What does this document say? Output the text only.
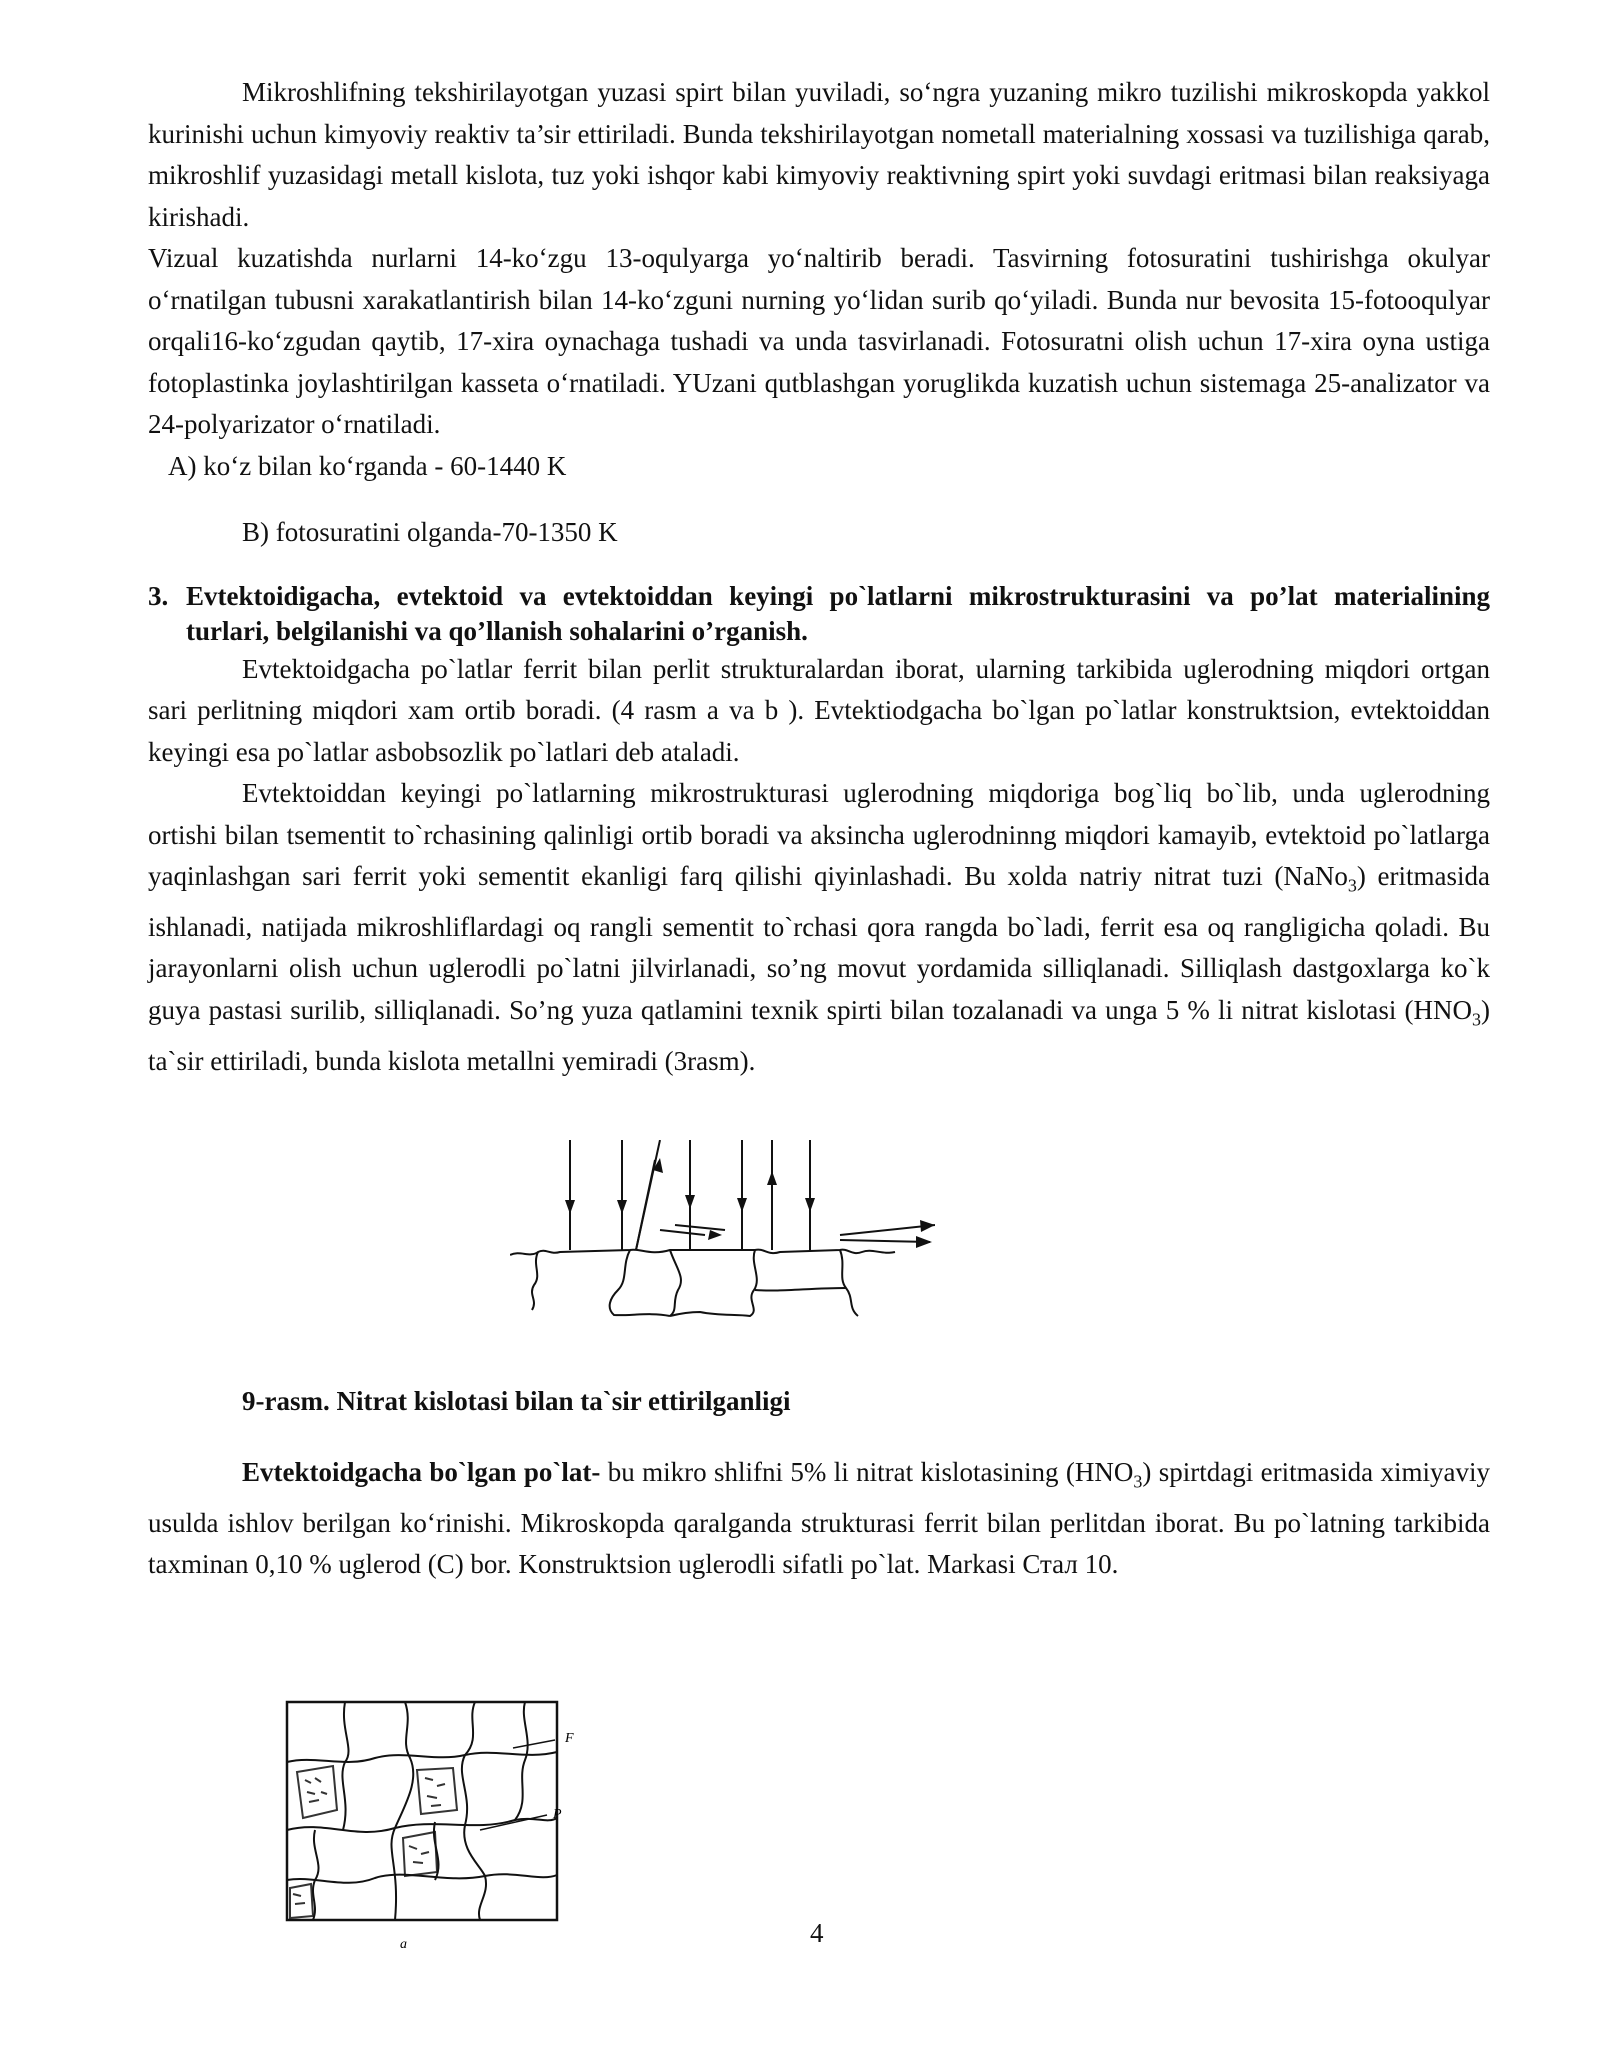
Mikroshlifning tekshirilayotgan yuzasi spirt bilan yuviladi, so‘ngra yuzaning mikro tuzilishi mikroskopda yakkol kurinishi uchun kimyoviy reaktiv ta’sir ettiriladi. Bunda tekshirilayotgan nometall materialning xossasi va tuzilishiga qarab, mikroshlif yuzasidagi metall kislota, tuz yoki ishqor kabi kimyoviy reaktivning spirt yoki suvdagi eritmasi bilan reaksiyaga kirishadi.

Vizual kuzatishda nurlarni 14-ko‘zgu 13-oqulyarga yo‘naltirib beradi. Tasvirning fotosuratini tushirishga okulyar o‘rnatilgan tubusni xarakatlantirish bilan 14-ko‘zguni nurning yo‘lidan surib qo‘yiladi. Bunda nur bevosita 15-fotooqulyar orqali16-ko‘zgudan qaytib, 17-xira oynachaga tushadi va unda tasvirlanadi. Fotosuratni olish uchun 17-xira oyna ustiga fotoplastinka joylashtirilgan kasseta o‘rnatiladi. YUzani qutblashgan yoruglikda kuzatish uchun sistemaga 25-analizator va 24-polyarizator o‘rnatiladi.

A) ko‘z bilan ko‘rganda - 60-1440 K

B) fotosuratini olganda-70-1350 K

3. Evtektoidigacha, evtektoid va evtektoiddan keyingi po`latlarni mikrostrukturasini va po’lat materialining turlari, belgilanishi va qo’llanish sohalarini o’rganish.

Evtektoidgacha po`latlar ferrit bilan perlit strukturalardan iborat, ularning tarkibida uglerodning miqdori ortgan sari perlitning miqdori xam ortib boradi. (4 rasm a va b ). Evtektiodgacha bo`lgan po`latlar konstruktsion, evtektoiddan keyingi esa po`latlar asbobsozlik po`latlari deb ataladi.

Evtektoiddan keyingi po`latlarning mikrostrukturasi uglerodning miqdoriga bog`liq bo`lib, unda uglerodning ortishi bilan tsementit to`rchasining qalinligi ortib boradi va aksincha uglerodninng miqdori kamayib, evtektoid po`latlarga yaqinlashgan sari ferrit yoki sementit ekanligi farq qilishi qiyinlashadi. Bu xolda natriy nitrat tuzi (NaNo$_3$) eritmasida ishlanadi, natijada mikroshliflardagi oq rangli sementit to`rchasi qora rangda bo`ladi, ferrit esa oq rangligicha qoladi. Bu jarayonlarni olish uchun uglerodli po`latni jilvirlanadi, so’ng movut yordamida silliqlanadi. Silliqlash dastgoxlarga ko`k guya pastasi surilib, silliqlanadi. So’ng yuza qatlamini texnik spirti bilan tozalanadi va unga 5 % li nitrat kislotasi $(HNO_3)$ ta`sir ettiriladi, bunda kislota metallni yemiradi (3rasm).

9-rasm. Nitrat kislotasi bilan ta`sir ettirilganligi

Evtektoidgacha bo`lgan po`lat- bu mikro shlifni 5% li nitrat kislotasining $(HNO_3)$ spirtdagi eritmasida ximiyaviy usulda ishlov berilgan ko‘rinishi. Mikroskopda qaralganda strukturasi ferrit bilan perlitdan iborat. Bu po`latning tarkibida taxminan 0,10 % uglerod (C) bor. Konstruktsion uglerodli sifatli po`lat. Markasi Стал 10.

F
P
a	4
